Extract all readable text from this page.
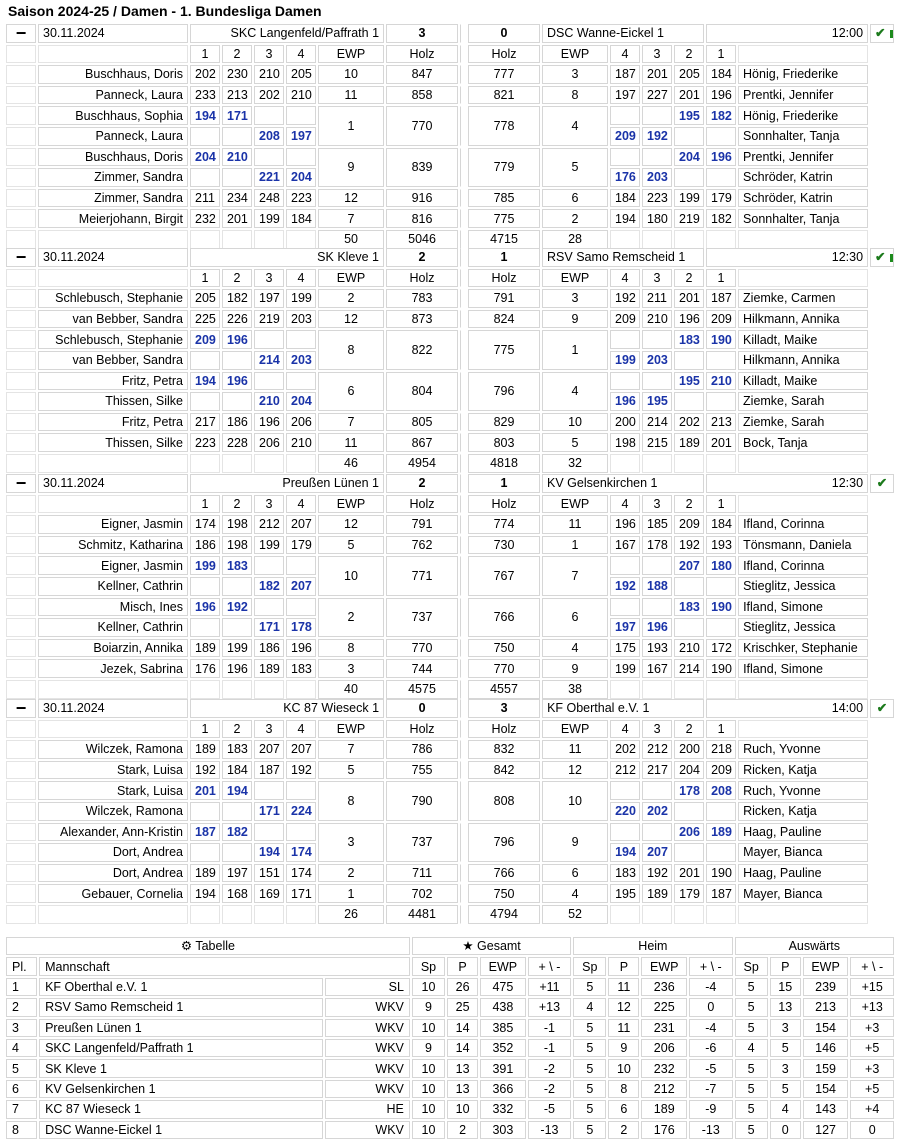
Saison 2024-25 / Damen - 1. Bundesliga Damen
−	30.11.2024	SKC Langenfeld/Paffrath 1					3		0	DSC Wanne-Eickel 1				12:00		✔
		1	2	3	4	EWP	Holz		Holz	EWP	4	3	2	1		
	Buschhaus, Doris	202	230	210	205	10	847		777	3	187	201	205	184	Hönig, Friederike	
	Panneck, Laura	233	213	202	210	11	858		821	8	197	227	201	196	Prentki, Jennifer	
	Buschhaus, Sophia	194	171			1	770		778	4			195	182	Hönig, Friederike	
	Panneck, Laura			208	197						209	192			Sonnhalter, Tanja	
	Buschhaus, Doris	204	210			9	839		779	5			204	196	Prentki, Jennifer	
	Zimmer, Sandra			221	204						176	203			Schröder, Katrin	
	Zimmer, Sandra	211	234	248	223	12	916		785	6	184	223	199	179	Schröder, Katrin	
	Meierjohann, Birgit	232	201	199	184	7	816		775	2	194	180	219	182	Sonnhalter, Tanja	
						50	5046		4715	28						
−	30.11.2024	SK Kleve 1					2		1	RSV Samo Remscheid 1				12:30		✔
		1	2	3	4	EWP	Holz		Holz	EWP	4	3	2	1		
	Schlebusch, Stephanie	205	182	197	199	2	783		791	3	192	211	201	187	Ziemke, Carmen	
	van Bebber, Sandra	225	226	219	203	12	873		824	9	209	210	196	209	Hilkmann, Annika	
	Schlebusch, Stephanie	209	196			8	822		775	1			183	190	Killadt, Maike	
	van Bebber, Sandra			214	203						199	203			Hilkmann, Annika	
	Fritz, Petra	194	196			6	804		796	4			195	210	Killadt, Maike	
	Thissen, Silke			210	204						196	195			Ziemke, Sarah	
	Fritz, Petra	217	186	196	206	7	805		829	10	200	214	202	213	Ziemke, Sarah	
	Thissen, Silke	223	228	206	210	11	867		803	5	198	215	189	201	Bock, Tanja	
						46	4954		4818	32						
−	30.11.2024	Preußen Lünen 1					2		1	KV Gelsenkirchen 1				12:30		✔
		1	2	3	4	EWP	Holz		Holz	EWP	4	3	2	1		
	Eigner, Jasmin	174	198	212	207	12	791		774	11	196	185	209	184	Ifland, Corinna	
	Schmitz, Katharina	186	198	199	179	5	762		730	1	167	178	192	193	Tönsmann, Daniela	
	Eigner, Jasmin	199	183			10	771		767	7			207	180	Ifland, Corinna	
	Kellner, Cathrin			182	207						192	188			Stieglitz, Jessica	
	Misch, Ines	196	192			2	737		766	6			183	190	Ifland, Simone	
	Kellner, Cathrin			171	178						197	196			Stieglitz, Jessica	
	Boiarzin, Annika	189	199	186	196	8	770		750	4	175	193	210	172	Krischker, Stephanie	
	Jezek, Sabrina	176	196	189	183	3	744		770	9	199	167	214	190	Ifland, Simone	
						40	4575		4557	38						
−	30.11.2024	KC 87 Wieseck 1					0		3	KF Oberthal e.V. 1				14:00		✔
		1	2	3	4	EWP	Holz		Holz	EWP	4	3	2	1		
	Wilczek, Ramona	189	183	207	207	7	786		832	11	202	212	200	218	Ruch, Yvonne	
	Stark, Luisa	192	184	187	192	5	755		842	12	212	217	204	209	Ricken, Katja	
	Stark, Luisa	201	194			8	790		808	10			178	208	Ruch, Yvonne	
	Wilczek, Ramona			171	224						220	202			Ricken, Katja	
	Alexander, Ann-Kristin	187	182			3	737		796	9			206	189	Haag, Pauline	
	Dort, Andrea			194	174						194	207			Mayer, Bianca	
	Dort, Andrea	189	197	151	174	2	711		766	6	183	192	201	190	Haag, Pauline	
	Gebauer, Cornelia	194	168	169	171	1	702		750	4	195	189	179	187	Mayer, Bianca	
						26	4481		4794	52						
⚙ Tabelle			★ Gesamt				Heim				Auswärts			
Pl.	Mannschaft		Sp	P	EWP	+ \ -	Sp	P	EWP	+ \ -	Sp	P	EWP	+ \ -
1	KF Oberthal e.V. 1	SL	10	26	475	+11	5	11	236	-4	5	15	239	+15
2	RSV Samo Remscheid 1	WKV	9	25	438	+13	4	12	225	0	5	13	213	+13
3	Preußen Lünen 1	WKV	10	14	385	-1	5	11	231	-4	5	3	154	+3
4	SKC Langenfeld/Paffrath 1	WKV	9	14	352	-1	5	9	206	-6	4	5	146	+5
5	SK Kleve 1	WKV	10	13	391	-2	5	10	232	-5	5	3	159	+3
6	KV Gelsenkirchen 1	WKV	10	13	366	-2	5	8	212	-7	5	5	154	+5
7	KC 87 Wieseck 1	HE	10	10	332	-5	5	6	189	-9	5	4	143	+4
8	DSC Wanne-Eickel 1	WKV	10	2	303	-13	5	2	176	-13	5	0	127	0
